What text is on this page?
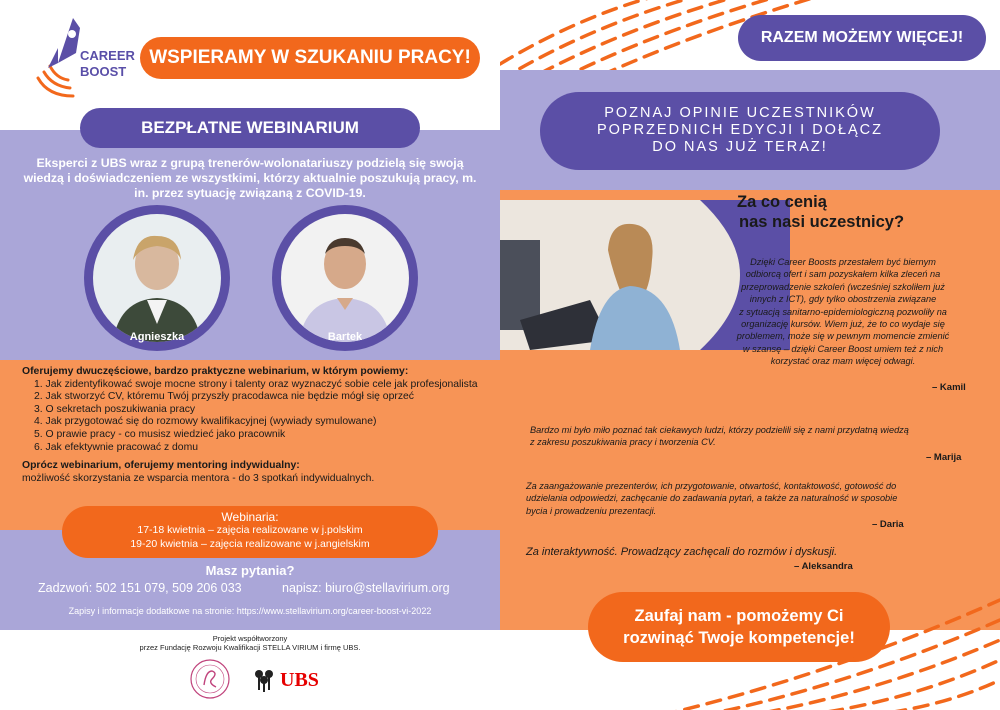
CAREER
BOOST
WSPIERAMY W SZUKANIU PRACY!
BEZPŁATNE WEBINARIUM
Eksperci z UBS wraz z grupą trenerów-wolonatariuszy podzielą się swoją wiedzą i doświadczeniem ze wszystkimi, którzy aktualnie poszukują pracy, m. in. przez sytuację związaną z COVID-19.
Agnieszka	Bartek
Oferujemy dwuczęściowe, bardzo praktyczne webinarium, w którym powiemy:
1. Jak zidentyfikować swoje mocne strony i talenty oraz wyznaczyć sobie cele jak profesjonalista
2. Jak stworzyć CV, któremu Twój przyszły pracodawca nie będzie mógł się oprzeć
3. O sekretach poszukiwania pracy
4. Jak przygotować się do rozmowy kwalifikacyjnej (wywiady symulowane)
5. O prawie pracy - co musisz wiedzieć jako pracownik
6. Jak efektywnie pracować z domu
Oprócz webinarium, oferujemy mentoring indywidualny:
możliwość skorzystania ze wsparcia mentora - do 3 spotkań indywidualnych.
Webinaria:
17-18 kwietnia – zajęcia realizowane w j.polskim
19-20 kwietnia – zajęcia realizowane w j.angielskim
Masz pytania?
Zadzwoń: 502 151 079, 509 206 033	napisz: biuro@stellavirium.org
Zapisy i informacje dodatkowe na stronie: https://www.stellavirium.org/career-boost-vi-2022
Projekt współtworzony
przez Fundację Rozwoju Kwalifikacji STELLA VIRIUM i firmę UBS.
UBS
RAZEM MOŻEMY WIĘCEJ!
POZNAJ OPINIE UCZESTNIKÓW
POPRZEDNICH EDYCJI I DOŁĄCZ
DO NAS JUŻ TERAZ!
Za co cenią
nas nasi uczestnicy?
Dzięki Career Boosts przestałem być biernym
odbiorcą ofert i sam pozyskałem kilka zleceń na
przeprowadzenie szkoleń (wcześniej szkoliłem już
innych z ICT), gdy tylko obostrzenia związane
z sytuacją sanitarno-epidemiologiczną pozwoliły na
organizację kursów. Wiem już, że to co wydaje się
problemem, może się w pewnym momencie zmienić
w szansę – dzięki Career Boost umiem też z nich
korzystać oraz mam więcej odwagi.
– Kamil
Bardzo mi było miło poznać tak ciekawych ludzi, którzy podzielili się z nami przydatną wiedzą
z zakresu poszukiwania pracy i tworzenia CV.
– Marija
Za zaangażowanie prezenterów, ich przygotowanie, otwartość, kontaktowość, gotowość do
udzielania odpowiedzi, zachęcanie do zadawania pytań, a także za naturalność w sposobie
bycia i prowadzeniu prezentacji.
– Daria
Za interaktywność. Prowadzący zachęcali do rozmów i dyskusji.
– Aleksandra
Zaufaj nam - pomożemy Ci
rozwinąć Twoje kompetencje!
